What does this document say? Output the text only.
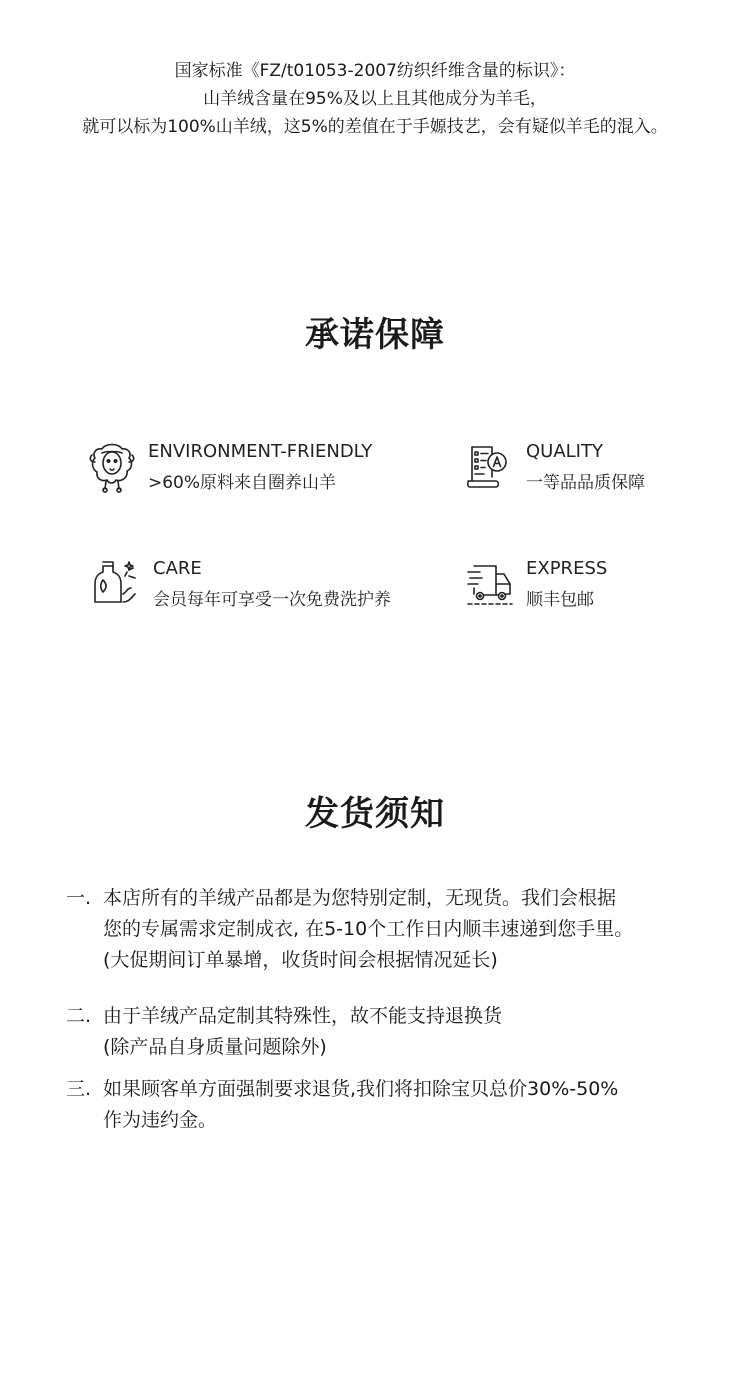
国家标准《FZ/t01053-2007纺织纤维含量的标识》：
山羊绒含量在95%及以上且其他成分为羊毛，
就可以标为100%山羊绒，这5%的差值在于手嫄技艺，会有疑似羊毛的混入。
承诺保障
ENVIRONMENT-FRIENDLY
>60%原料来自圈养山羊
QUALITY
一等品品质保障
CARE
会员每年可享受一次免费洗护养
EXPRESS
顺丰包邮
发货须知
一. 本店所有的羊绒产品都是为您特别定制，无现货。我们会根据
您的专属需求定制成衣, 在5-10个工作日内顺丰速递到您手里。
(大促期间订单暴增，收货时间会根据情况延长)
二. 由于羊绒产品定制其特殊性，故不能支持退换货
(除产品自身质量问题除外)
三. 如果顾客单方面强制要求退货,我们将扣除宝贝总价30%-50%
作为违约金。
